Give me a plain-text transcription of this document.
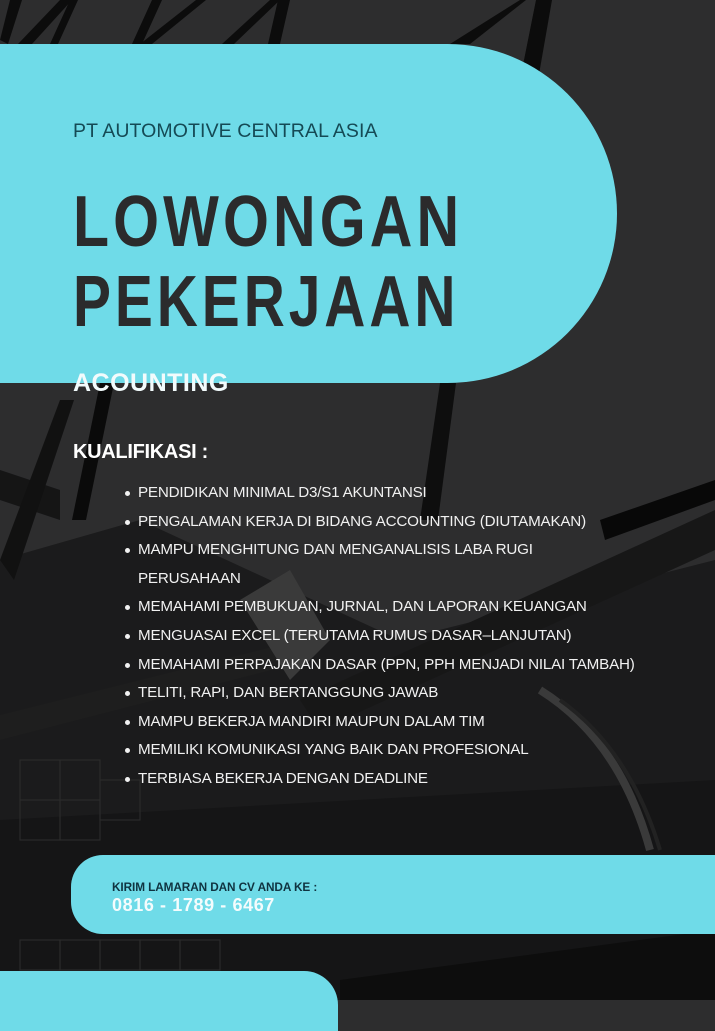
PT AUTOMOTIVE CENTRAL ASIA
LOWONGAN
PEKERJAAN
ACOUNTING
KUALIFIKASI :
PENDIDIKAN MINIMAL D3/S1 AKUNTANSI
PENGALAMAN KERJA DI BIDANG ACCOUNTING (DIUTAMAKAN)
MAMPU MENGHITUNG DAN MENGANALISIS LABA RUGI PERUSAHAAN
MEMAHAMI PEMBUKUAN, JURNAL, DAN LAPORAN KEUANGAN
MENGUASAI EXCEL (TERUTAMA RUMUS DASAR–LANJUTAN)
MEMAHAMI PERPAJAKAN DASAR (PPN, PPH MENJADI NILAI TAMBAH)
TELITI, RAPI, DAN BERTANGGUNG JAWAB
MAMPU BEKERJA MANDIRI MAUPUN DALAM TIM
MEMILIKI KOMUNIKASI YANG BAIK DAN PROFESIONAL
TERBIASA BEKERJA DENGAN DEADLINE
KIRIM LAMARAN DAN CV ANDA KE :
0816 - 1789 - 6467
